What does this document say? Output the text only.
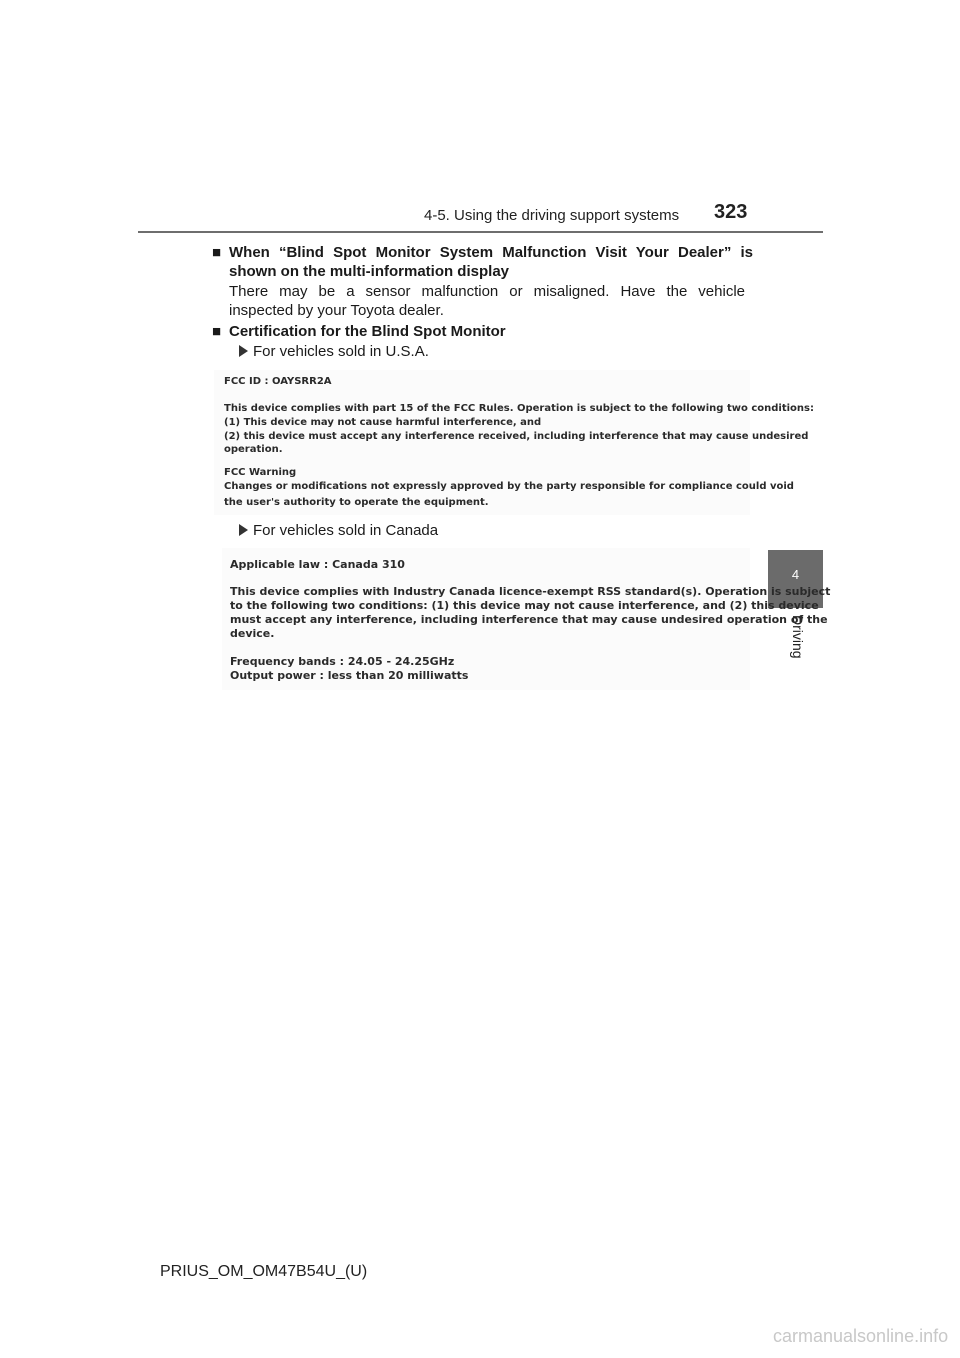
4-5. Using the driving support systems 323
4
Driving
■ When “Blind Spot Monitor System Malfunction Visit Your Dealer” is shown on the multi-information display
There may be a sensor malfunction or misaligned. Have the vehicle inspected by your Toyota dealer.
■ Certification for the Blind Spot Monitor
For vehicles sold in U.S.A.
FCC ID : OAYSRR2A
This device complies with part 15 of the FCC Rules. Operation is subject to the following two conditions:
(1) This device may not cause harmful interference, and
(2) this device must accept any interference received, including interference that may cause undesired
operation.
FCC Warning
Changes or modifications not expressly approved by the party responsible for compliance could void
the user's authority to operate the equipment.
For vehicles sold in Canada
Applicable law : Canada 310
This device complies with Industry Canada licence-exempt RSS standard(s). Operation is subject
to the following two conditions: (1) this device may not cause interference, and (2) this device
must accept any interference, including interference that may cause undesired operation of the
device.
Frequency bands : 24.05 - 24.25GHz
Output power : less than 20 milliwatts
PRIUS_OM_OM47B54U_(U)
carmanualsonline.info
